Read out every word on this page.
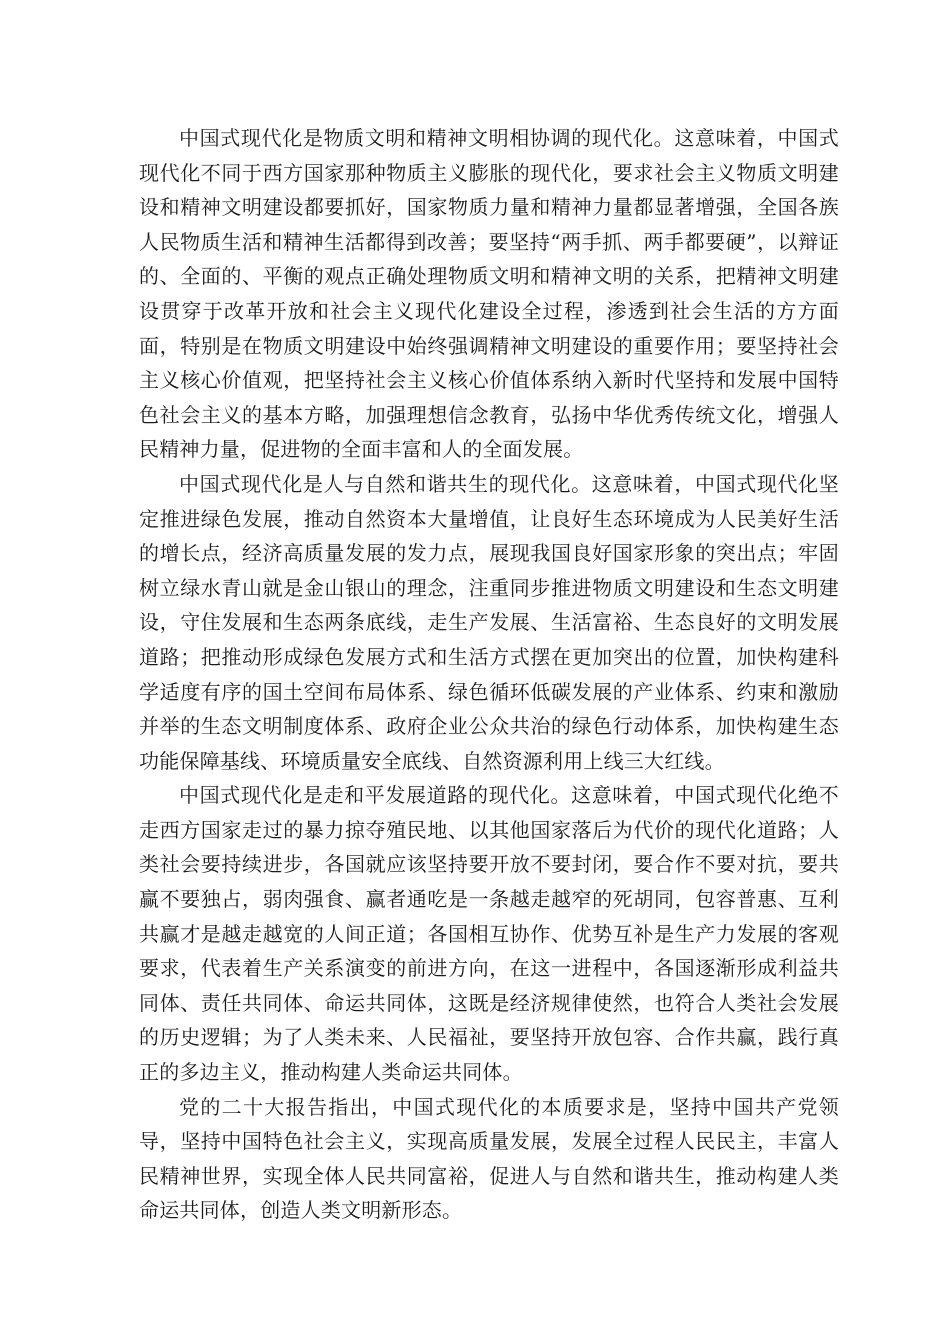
中国式现代化是物质文明和精神文明相协调的现代化。这意味着，中国式现代化不同于西方国家那种物质主义膨胀的现代化，要求社会主义物质文明建设和精神文明建设都要抓好，国家物质力量和精神力量都显著增强，全国各族人民物质生活和精神生活都得到改善；要坚持“两手抓、两手都要硬”，以辩证的、全面的、平衡的观点正确处理物质文明和精神文明的关系，把精神文明建设贯穿于改革开放和社会主义现代化建设全过程，渗透到社会生活的方方面面，特别是在物质文明建设中始终强调精神文明建设的重要作用；要坚持社会主义核心价值观，把坚持社会主义核心价值体系纳入新时代坚持和发展中国特色社会主义的基本方略，加强理想信念教育，弘扬中华优秀传统文化，增强人民精神力量，促进物的全面丰富和人的全面发展。

中国式现代化是人与自然和谐共生的现代化。这意味着，中国式现代化坚定推进绿色发展，推动自然资本大量增值，让良好生态环境成为人民美好生活的增长点，经济高质量发展的发力点，展现我国良好国家形象的突出点；牢固树立绿水青山就是金山银山的理念，注重同步推进物质文明建设和生态文明建设，守住发展和生态两条底线，走生产发展、生活富裕、生态良好的文明发展道路；把推动形成绿色发展方式和生活方式摆在更加突出的位置，加快构建科学适度有序的国土空间布局体系、绿色循环低碳发展的产业体系、约束和激励并举的生态文明制度体系、政府企业公众共治的绿色行动体系，加快构建生态功能保障基线、环境质量安全底线、自然资源利用上线三大红线。

中国式现代化是走和平发展道路的现代化。这意味着，中国式现代化绝不走西方国家走过的暴力掠夺殖民地、以其他国家落后为代价的现代化道路；人类社会要持续进步，各国就应该坚持要开放不要封闭，要合作不要对抗，要共赢不要独占，弱肉强食、赢者通吃是一条越走越窄的死胡同，包容普惠、互利共赢才是越走越宽的人间正道；各国相互协作、优势互补是生产力发展的客观要求，代表着生产关系演变的前进方向，在这一进程中，各国逐渐形成利益共同体、责任共同体、命运共同体，这既是经济规律使然，也符合人类社会发展的历史逻辑；为了人类未来、人民福祉，要坚持开放包容、合作共赢，践行真正的多边主义，推动构建人类命运共同体。

党的二十大报告指出，中国式现代化的本质要求是，坚持中国共产党领导，坚持中国特色社会主义，实现高质量发展，发展全过程人民民主，丰富人民精神世界，实现全体人民共同富裕，促进人与自然和谐共生，推动构建人类命运共同体，创造人类文明新形态。
